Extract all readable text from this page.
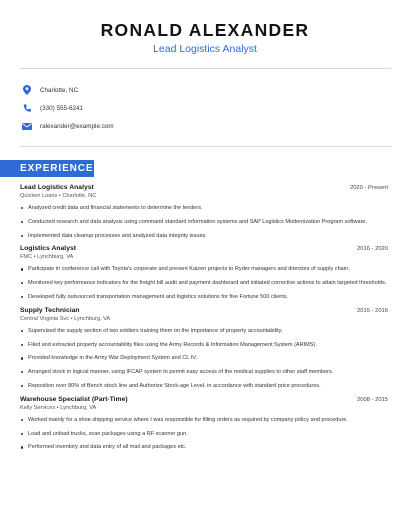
RONALD ALEXANDER
Lead Logistics Analyst
Charlotte, NC
(330) 555-6241
ralexander@example.com
EXPERIENCE
Lead Logistics Analyst	2020 - Present
Quicken Loans • Charlotte, NC
Analyzed credit data and financial statements to determine the lenders.
Conducted research and data analysis using command standard information systems and SAP Logistics Modernization Program software.
Implemented data cleanup processes and analyzed data integrity issues.
Logistics Analyst	2016 - 2020
FMC • Lynchburg, VA
Participate in conference call with Toyota's corporate and present Kaizen projects to Ryder managers and directors of supply chain.
Monitored key performance indicators for the freight bill audit and payment dashboard and initiated corrective actions to attain targeted thresholds.
Developed fully outsourced transportation management and logistics solutions for five Fortune 500 clients.
Supply Technician	2015 - 2016
Central Virginia Svc • Lynchburg, VA
Supervised the supply section of two soldiers training them on the importance of property accountability.
Filed and extracted property accountability files using the Army Records & Information Management System (ARIMS).
Provided knowledge in the Army War Deployment System and CL IV.
Arranged stock in logical manner, using IFCAP system to permit easy access of the medical supplies to other staff members.
Reposition over 80% of Bench stock line and Authorize Stock-age Level, in accordance with standard price procedures.
Warehouse Specialist (Part-Time)	2008 - 2015
Kelly Services • Lynchburg, VA
Worked mainly for a shoe shipping service where I was responsible for filling orders as required by company policy and procedure.
Load and unload trucks, scan packages using a RF scanner gun.
Performed inventory and data entry of all mail and packages etc.
